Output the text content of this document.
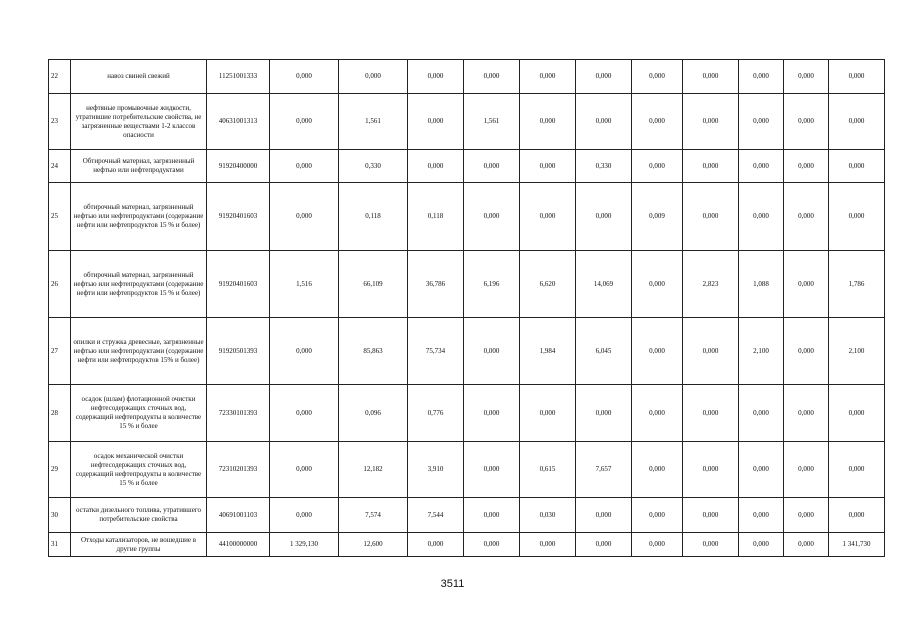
22	навоз свиней свежий	11251001333	0,000	0,000	0,000	0,000	0,000	0,000	0,000	0,000	0,000	0,000	0,000
23	нефтяные промывочные жидкости, утратившие потребительские свойства, не загрязненные веществами 1-2 классов опасности	40631001313	0,000	1,561	0,000	1,561	0,000	0,000	0,000	0,000	0,000	0,000	0,000
24	Обтирочный материал, загрязненный нефтью или нефтепродуктами	91920400000	0,000	0,330	0,000	0,000	0,000	0,330	0,000	0,000	0,000	0,000	0,000
25	обтирочный материал, загрязненный нефтью или нефтепродуктами (содержание нефти или нефтепродуктов 15 % и более)	91920401603	0,000	0,118	0,118	0,000	0,000	0,000	0,009	0,000	0,000	0,000	0,000
26	обтирочный материал, загрязненный нефтью или нефтепродуктами (содержание нефти или нефтепродуктов 15 % и более)	91920401603	1,516	66,109	36,786	6,196	6,620	14,069	0,000	2,823	1,088	0,000	1,786
27	опилки и стружка древесные, загрязненные нефтью или нефтепродуктами (содержание нефти или нефтепродуктов 15% и более)	91920501393	0,000	85,863	75,734	0,000	1,984	6,045	0,000	0,000	2,100	0,000	2,100
28	осадок (шлам) флотационной очистки нефтесодержащих сточных вод, содержащий нефтепродукты в количестве 15 % и более	72330101393	0,000	0,096	0,776	0,000	0,000	0,000	0,000	0,000	0,000	0,000	0,000
29	осадок механической очистки нефтесодержащих сточных вод, содержащий нефтепродукты в количестве 15 % и более	72310201393	0,000	12,182	3,910	0,000	0,615	7,657	0,000	0,000	0,000	0,000	0,000
30	остатки дизельного топлива, утратившего потребительские свойства	40691001103	0,000	7,574	7,544	0,000	0,030	0,000	0,000	0,000	0,000	0,000	0,000
31	Отходы катализаторов, не вошедшие в другие группы	44100000000	1 329,130	12,600	0,000	0,000	0,000	0,000	0,000	0,000	0,000	0,000	1 341,730
3511
